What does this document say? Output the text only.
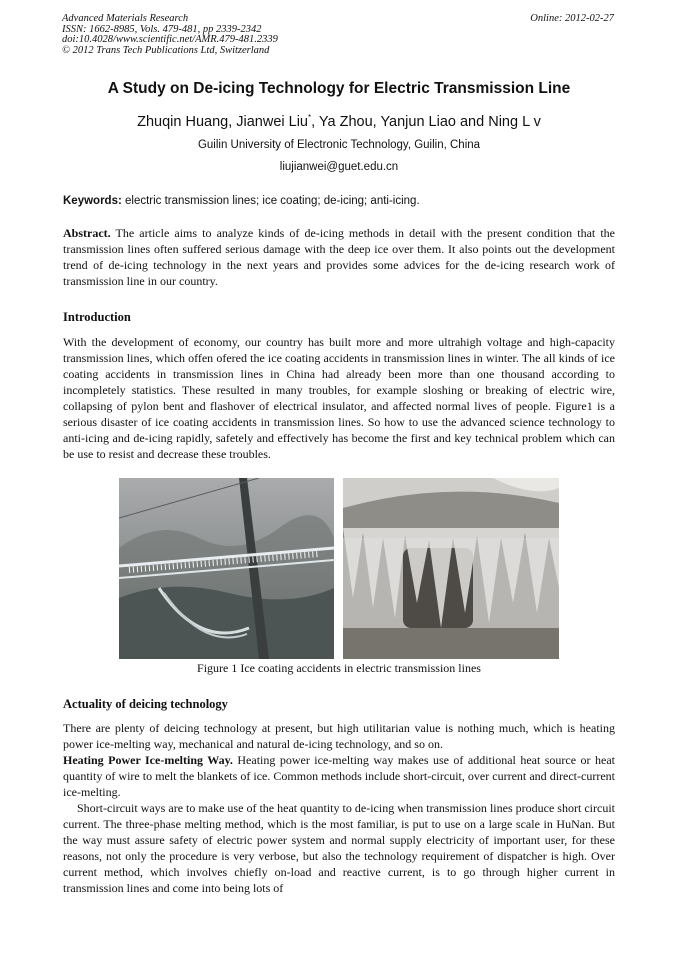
Advanced Materials Research
ISSN: 1662-8985, Vols. 479-481, pp 2339-2342
doi:10.4028/www.scientific.net/AMR.479-481.2339
© 2012 Trans Tech Publications Ltd, Switzerland
Online: 2012-02-27
A Study on De-icing Technology for Electric Transmission Line
Zhuqin Huang, Jianwei Liu*, Ya Zhou, Yanjun Liao and Ning L v
Guilin University of Electronic Technology, Guilin, China
liujianwei@guet.edu.cn
Keywords: electric transmission lines; ice coating; de-icing; anti-icing.
Abstract. The article aims to analyze kinds of de-icing methods in detail with the present condition that the transmission lines often suffered serious damage with the deep ice over them. It also points out the development trend of de-icing technology in the next years and provides some advices for the de-icing research work of transmission line in our country.
Introduction
With the development of economy, our country has built more and more ultrahigh voltage and high-capacity transmission lines, which offen ofered the ice coating accidents in transmission lines in winter. The all kinds of ice coating accidents in transmission lines in China had already been more than one thousand according to incompletely statistics. These resulted in many troubles, for example sloshing or breaking of electric wire, collapsing of pylon bent and flashover of electrical insulator, and affected normal lives of people. Figure1 is a serious disaster of ice coating accidents in transmission lines. So how to use the advanced science technology to anti-icing and de-icing rapidly, safetely and effectively has become the first and key technical problem which can be use to resist and decrease these troubles.
Figure 1 Ice coating accidents in electric transmission lines
Actuality of deicing technology
There are plenty of deicing technology at present, but high utilitarian value is nothing much, which is heating power ice-melting way, mechanical and natural de-icing technology, and so on.
Heating Power Ice-melting Way. Heating power ice-melting way makes use of additional heat source or heat quantity of wire to melt the blankets of ice. Common methods include short-circuit, over current and direct-current ice-melting.
Short-circuit ways are to make use of the heat quantity to de-icing when transmission lines produce short circuit current. The three-phase melting method, which is the most familiar, is put to use on a large scale in HuNan. But the way must assure safety of electric power system and normal supply electricity of important user, for these reasons, not only the procedure is very verbose, but also the technology requirement of dispatcher is high. Over current method, which involves chiefly on-load and reactive current, is to go through higher current in transmission lines and come into being lots of
